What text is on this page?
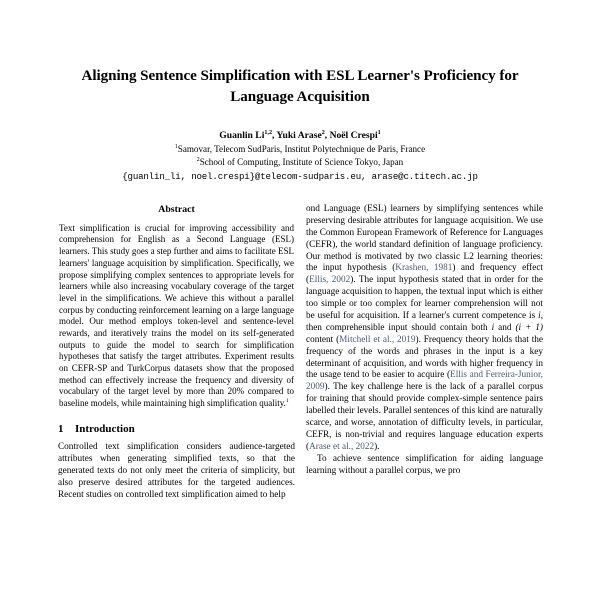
Aligning Sentence Simplification with ESL Learner's Proficiency for Language Acquisition
Guanlin Li$^{1,2}$, Yuki Arase$^2$, Noël Crespi$^1$
$^1$Samovar, Telecom SudParis, Institut Polytechnique de Paris, France
$^2$School of Computing, Institute of Science Tokyo, Japan
{guanlin_li, noel.crespi}@telecom-sudparis.eu, arase@c.titech.ac.jp
Abstract

Text simplification is crucial for improving accessibility and comprehension for English as a Second Language (ESL) learners. This study goes a step further and aims to facilitate ESL learners' language acquisition by simplification. Specifically, we propose simplifying complex sentences to appropriate levels for learners while also increasing vocabulary coverage of the target level in the simplifications. We achieve this without a parallel corpus by conducting reinforcement learning on a large language model. Our method employs token-level and sentence-level rewards, and iteratively trains the model on its self-generated outputs to guide the model to search for simplification hypotheses that satisfy the target attributes. Experiment results on CEFR-SP and TurkCorpus datasets show that the proposed method can effectively increase the frequency and diversity of vocabulary of the target level by more than 20% compared to baseline models, while maintaining high simplification quality.$^1$

1 Introduction

Controlled text simplification considers audience-targeted attributes when generating simplified texts, so that the generated texts do not only meet the criteria of simplicity, but also preserve desired attributes for the targeted audiences. Recent studies on controlled text simplification aimed to help

ond Language (ESL) learners by simplifying sentences while preserving desirable attributes for language acquisition. We use the Common European Framework of Reference for Languages (CEFR), the world standard definition of language proficiency. Our method is motivated by two classic L2 learning theories: the input hypothesis (Krashen, 1981) and frequency effect (Ellis, 2002). The input hypothesis stated that in order for the language acquisition to happen, the textual input which is either too simple or too complex for learner comprehension will not be useful for acquisition. If a learner's current competence is i, then comprehensible input should contain both i and (i + 1) content (Mitchell et al., 2019). Frequency theory holds that the frequency of the words and phrases in the input is a key determinant of acquisition, and words with higher frequency in the usage tend to be easier to acquire (Ellis and Ferreira-Junior, 2009). The key challenge here is the lack of a parallel corpus for training that should provide complex-simple sentence pairs labelled their levels. Parallel sentences of this kind are naturally scarce, and worse, annotation of difficulty levels, in particular, CEFR, is non-trivial and requires language education experts (Arase et al., 2022).

To achieve sentence simplification for aiding language learning without a parallel corpus, we pro
